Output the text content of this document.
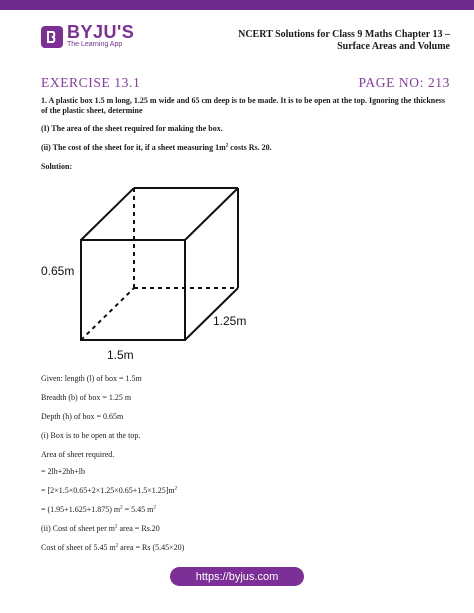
BYJU'S
The Learning App
NCERT Solutions for Class 9 Maths Chapter 13 –
Surface Areas and Volume
EXERCISE 13.1	PAGE NO: 213
1. A plastic box 1.5 m long, 1.25 m wide and 65 cm deep is to be made. It is to be open at the top. Ignoring the thickness of the plastic sheet, determine
(I) The area of the sheet required for making the box.
(ii) The cost of the sheet for it, if a sheet measuring $1m^2$ costs Rs. 20.
Solution:
0.65m
1.25m
1.5m
Given: length (l) of box = 1.5m
Breadth (b) of box = 1.25 m
Depth (h) of box = 0.65m
(i) Box is to be open at the top.
Area of sheet required.
= 2lh+2bh+lb
= $[2\times 1.5\times 0.65+2\times 1.25\times 0.65+1.5\times 1.25]m^2$
= (1.95+1.625+1.875) $m^2 = 5.45$ $m^2$
(ii) Cost of sheet per $m^2$ area = Rs.20
Cost of sheet of 5.45 $m^2$ area = Rs (5.45×20)
https://byjus.com
